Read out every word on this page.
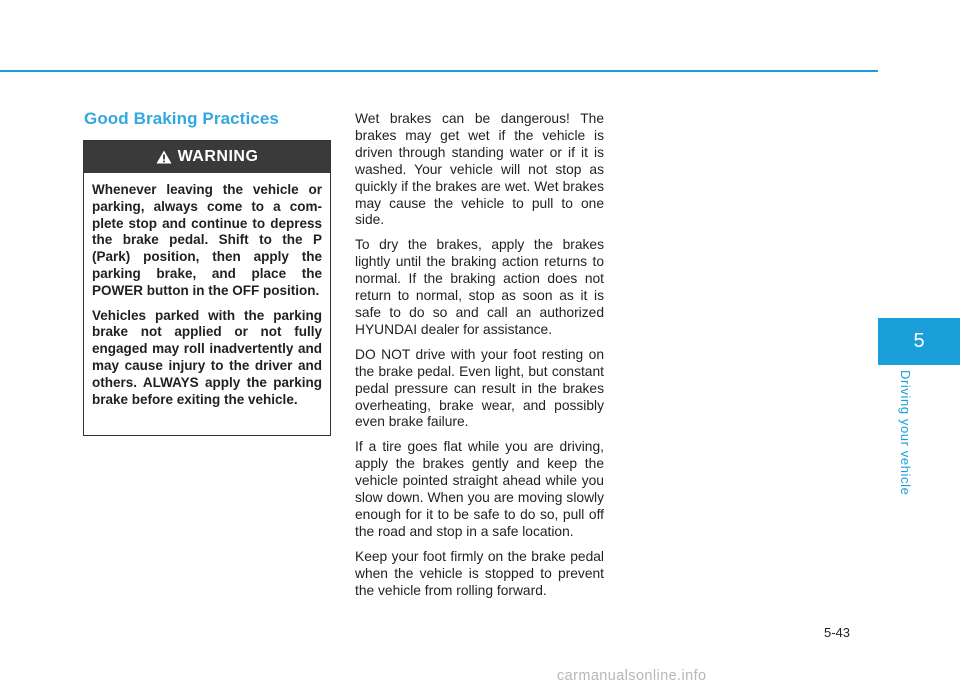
Good Braking Practices
WARNING

Whenever leaving the vehicle or parking, always come to a complete stop and continue to depress the brake pedal. Shift to the P (Park) position, then apply the parking brake, and place the POWER button in the OFF position.

Vehicles parked with the parking brake not applied or not fully engaged may roll inadvertently and may cause injury to the driver and others. ALWAYS apply the parking brake before exiting the vehicle.

Wet brakes can be dangerous! The brakes may get wet if the vehicle is driven through standing water or if it is washed. Your vehicle will not stop as quickly if the brakes are wet. Wet brakes may cause the vehicle to pull to one side.

To dry the brakes, apply the brakes lightly until the braking action returns to normal. If the braking action does not return to normal, stop as soon as it is safe to do so and call an authorized HYUNDAI dealer for assistance.

DO NOT drive with your foot resting on the brake pedal. Even light, but constant pedal pressure can result in the brakes overheating, brake wear, and possibly even brake failure.

If a tire goes flat while you are driving, apply the brakes gently and keep the vehicle pointed straight ahead while you slow down. When you are moving slowly enough for it to be safe to do so, pull off the road and stop in a safe location.

Keep your foot firmly on the brake pedal when the vehicle is stopped to prevent the vehicle from rolling forward.

5
Driving your vehicle
5-43
carmanualsonline.info
